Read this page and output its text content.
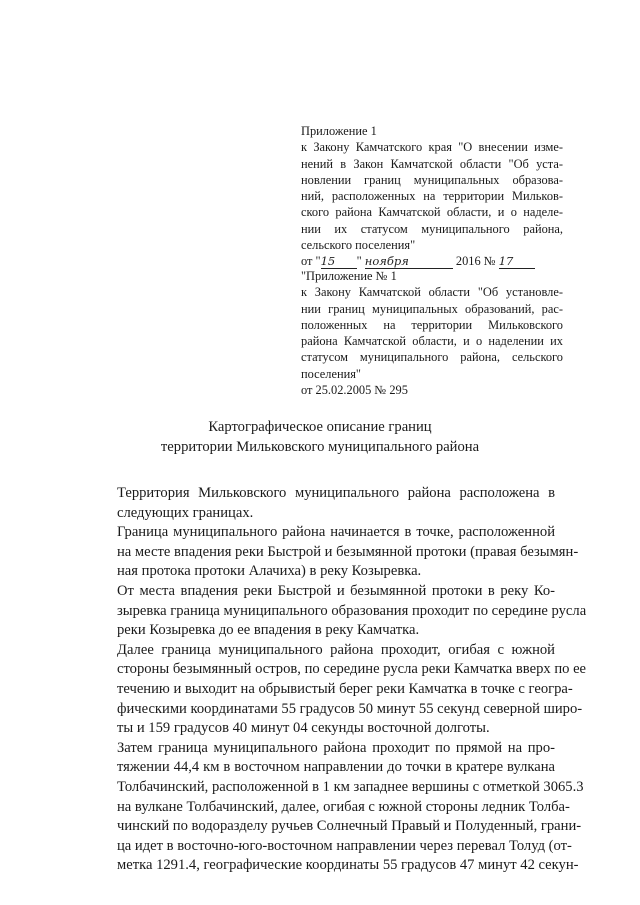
Приложение 1
к Закону Камчатского края "О внесении изме-
нений в Закон Камчатской области "Об уста-
новлении границ муниципальных образова-
ний, расположенных на территории Мильков-
ского района Камчатской области, и о наделе-
нии их статусом муниципального района,
сельского поселения"
от "15 " ноября	2016 № 17
"Приложение № 1
к Закону Камчатской области "Об установле-
нии границ муниципальных образований, рас-
положенных на территории Мильковского
района Камчатской области, и о наделении их
статусом муниципального района, сельского
поселения"
от 25.02.2005 № 295
Картографическое описание границ
территории Мильковского муниципального района
Территория Мильковского муниципального района расположена в
следующих границах.
Граница муниципального района начинается в точке, расположенной
на месте впадения реки Быстрой и безымянной протоки (правая безымян-
ная протока протоки Алачиха) в реку Козыревка.
От места впадения реки Быстрой и безымянной протоки в реку Ко-
зыревка граница муниципального образования проходит по середине русла
реки Козыревка до ее впадения в реку Камчатка.
Далее граница муниципального района проходит, огибая с южной
стороны безымянный остров, по середине русла реки Камчатка вверх по ее
течению и выходит на обрывистый берег реки Камчатка в точке с геогра-
фическими координатами 55 градусов 50 минут 55 секунд северной широ-
ты и 159 градусов 40 минут 04 секунды восточной долготы.
Затем граница муниципального района проходит по прямой на про-
тяжении 44,4 км в восточном направлении до точки в кратере вулкана
Толбачинский, расположенной в 1 км западнее вершины с отметкой 3065.3
на вулкане Толбачинский, далее, огибая с южной стороны ледник Толба-
чинский по водоразделу ручьев Солнечный Правый и Полуденный, грани-
ца идет в восточно-юго-восточном направлении через перевал Толуд (от-
метка 1291.4, географические координаты 55 градусов 47 минут 42 секун-
